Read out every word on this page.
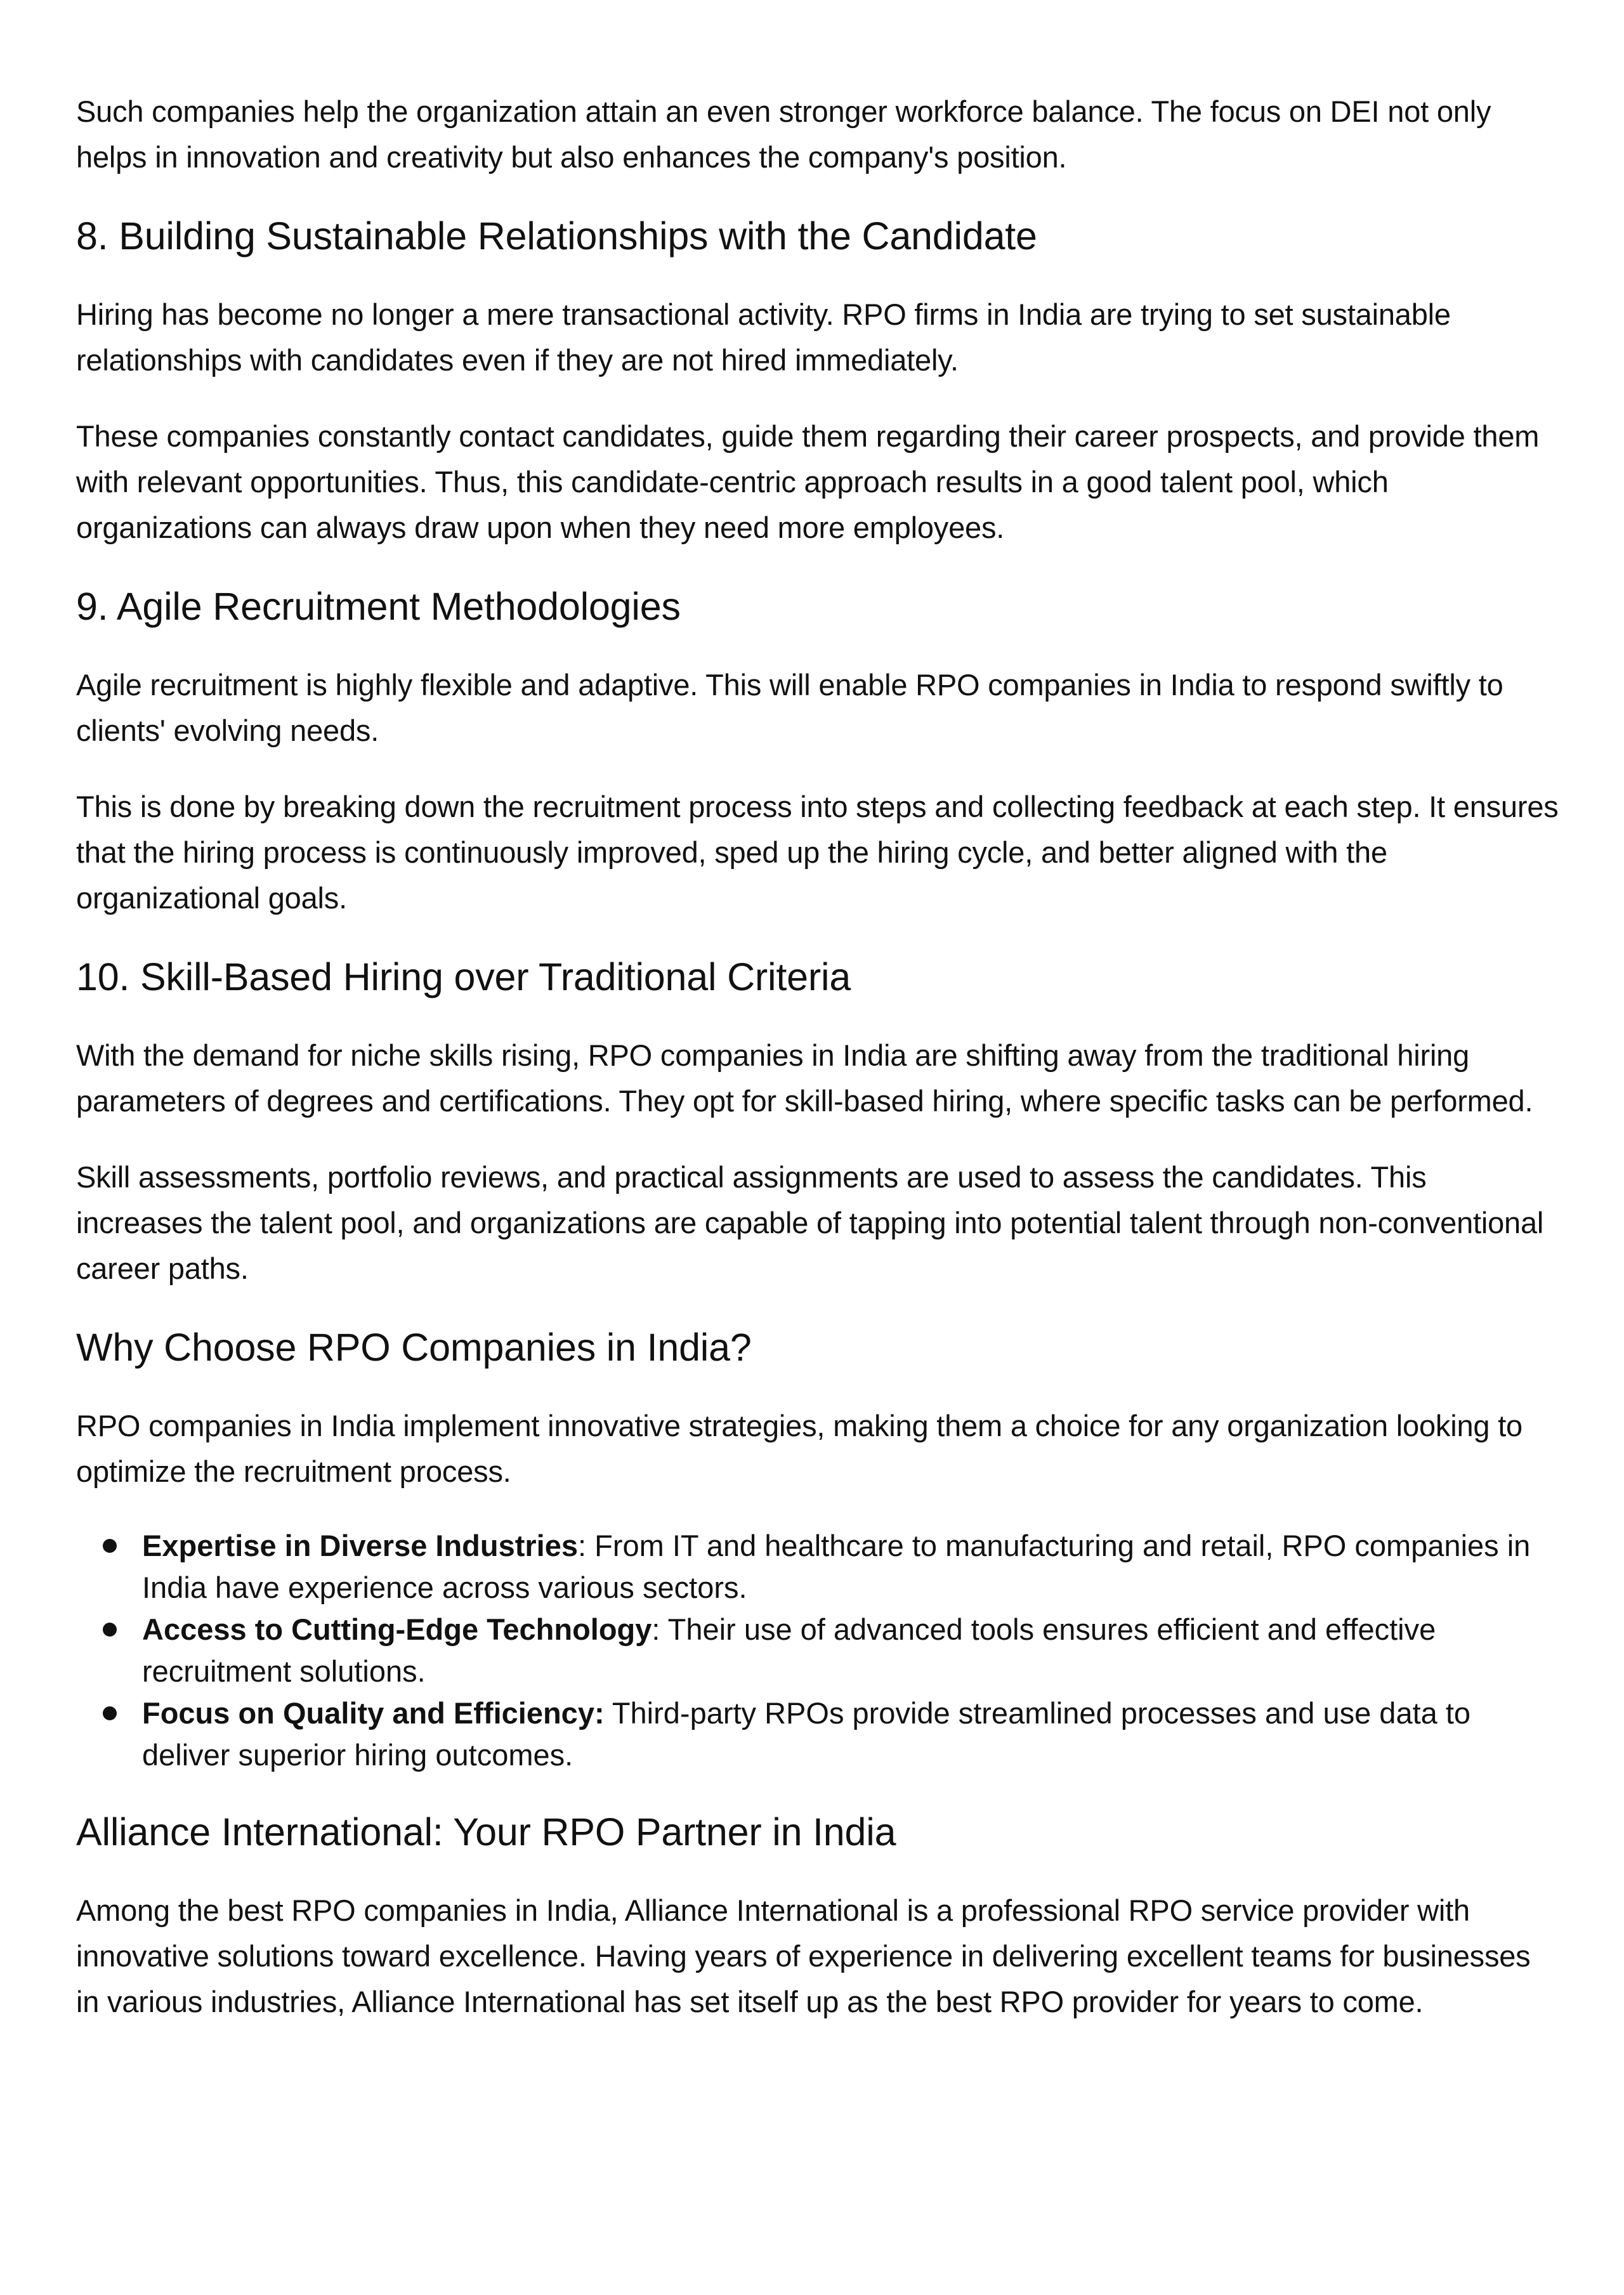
Such companies help the organization attain an even stronger workforce balance. The focus on DEI not only helps in innovation and creativity but also enhances the company's position.

8. Building Sustainable Relationships with the Candidate

Hiring has become no longer a mere transactional activity. RPO firms in India are trying to set sustainable relationships with candidates even if they are not hired immediately.

These companies constantly contact candidates, guide them regarding their career prospects, and provide them with relevant opportunities. Thus, this candidate-centric approach results in a good talent pool, which organizations can always draw upon when they need more employees.

9. Agile Recruitment Methodologies

Agile recruitment is highly flexible and adaptive. This will enable RPO companies in India to respond swiftly to clients' evolving needs.

This is done by breaking down the recruitment process into steps and collecting feedback at each step. It ensures that the hiring process is continuously improved, sped up the hiring cycle, and better aligned with the organizational goals.

10. Skill-Based Hiring over Traditional Criteria

With the demand for niche skills rising, RPO companies in India are shifting away from the traditional hiring parameters of degrees and certifications. They opt for skill-based hiring, where specific tasks can be performed.

Skill assessments, portfolio reviews, and practical assignments are used to assess the candidates. This increases the talent pool, and organizations are capable of tapping into potential talent through non-conventional career paths.

Why Choose RPO Companies in India?

RPO companies in India implement innovative strategies, making them a choice for any organization looking to optimize the recruitment process.

Expertise in Diverse Industries: From IT and healthcare to manufacturing and retail, RPO companies in India have experience across various sectors.
Access to Cutting-Edge Technology: Their use of advanced tools ensures efficient and effective recruitment solutions.
Focus on Quality and Efficiency: Third-party RPOs provide streamlined processes and use data to deliver superior hiring outcomes.
Alliance International: Your RPO Partner in India

Among the best RPO companies in India, Alliance International is a professional RPO service provider with innovative solutions toward excellence. Having years of experience in delivering excellent teams for businesses in various industries, Alliance International has set itself up as the best RPO provider for years to come.
